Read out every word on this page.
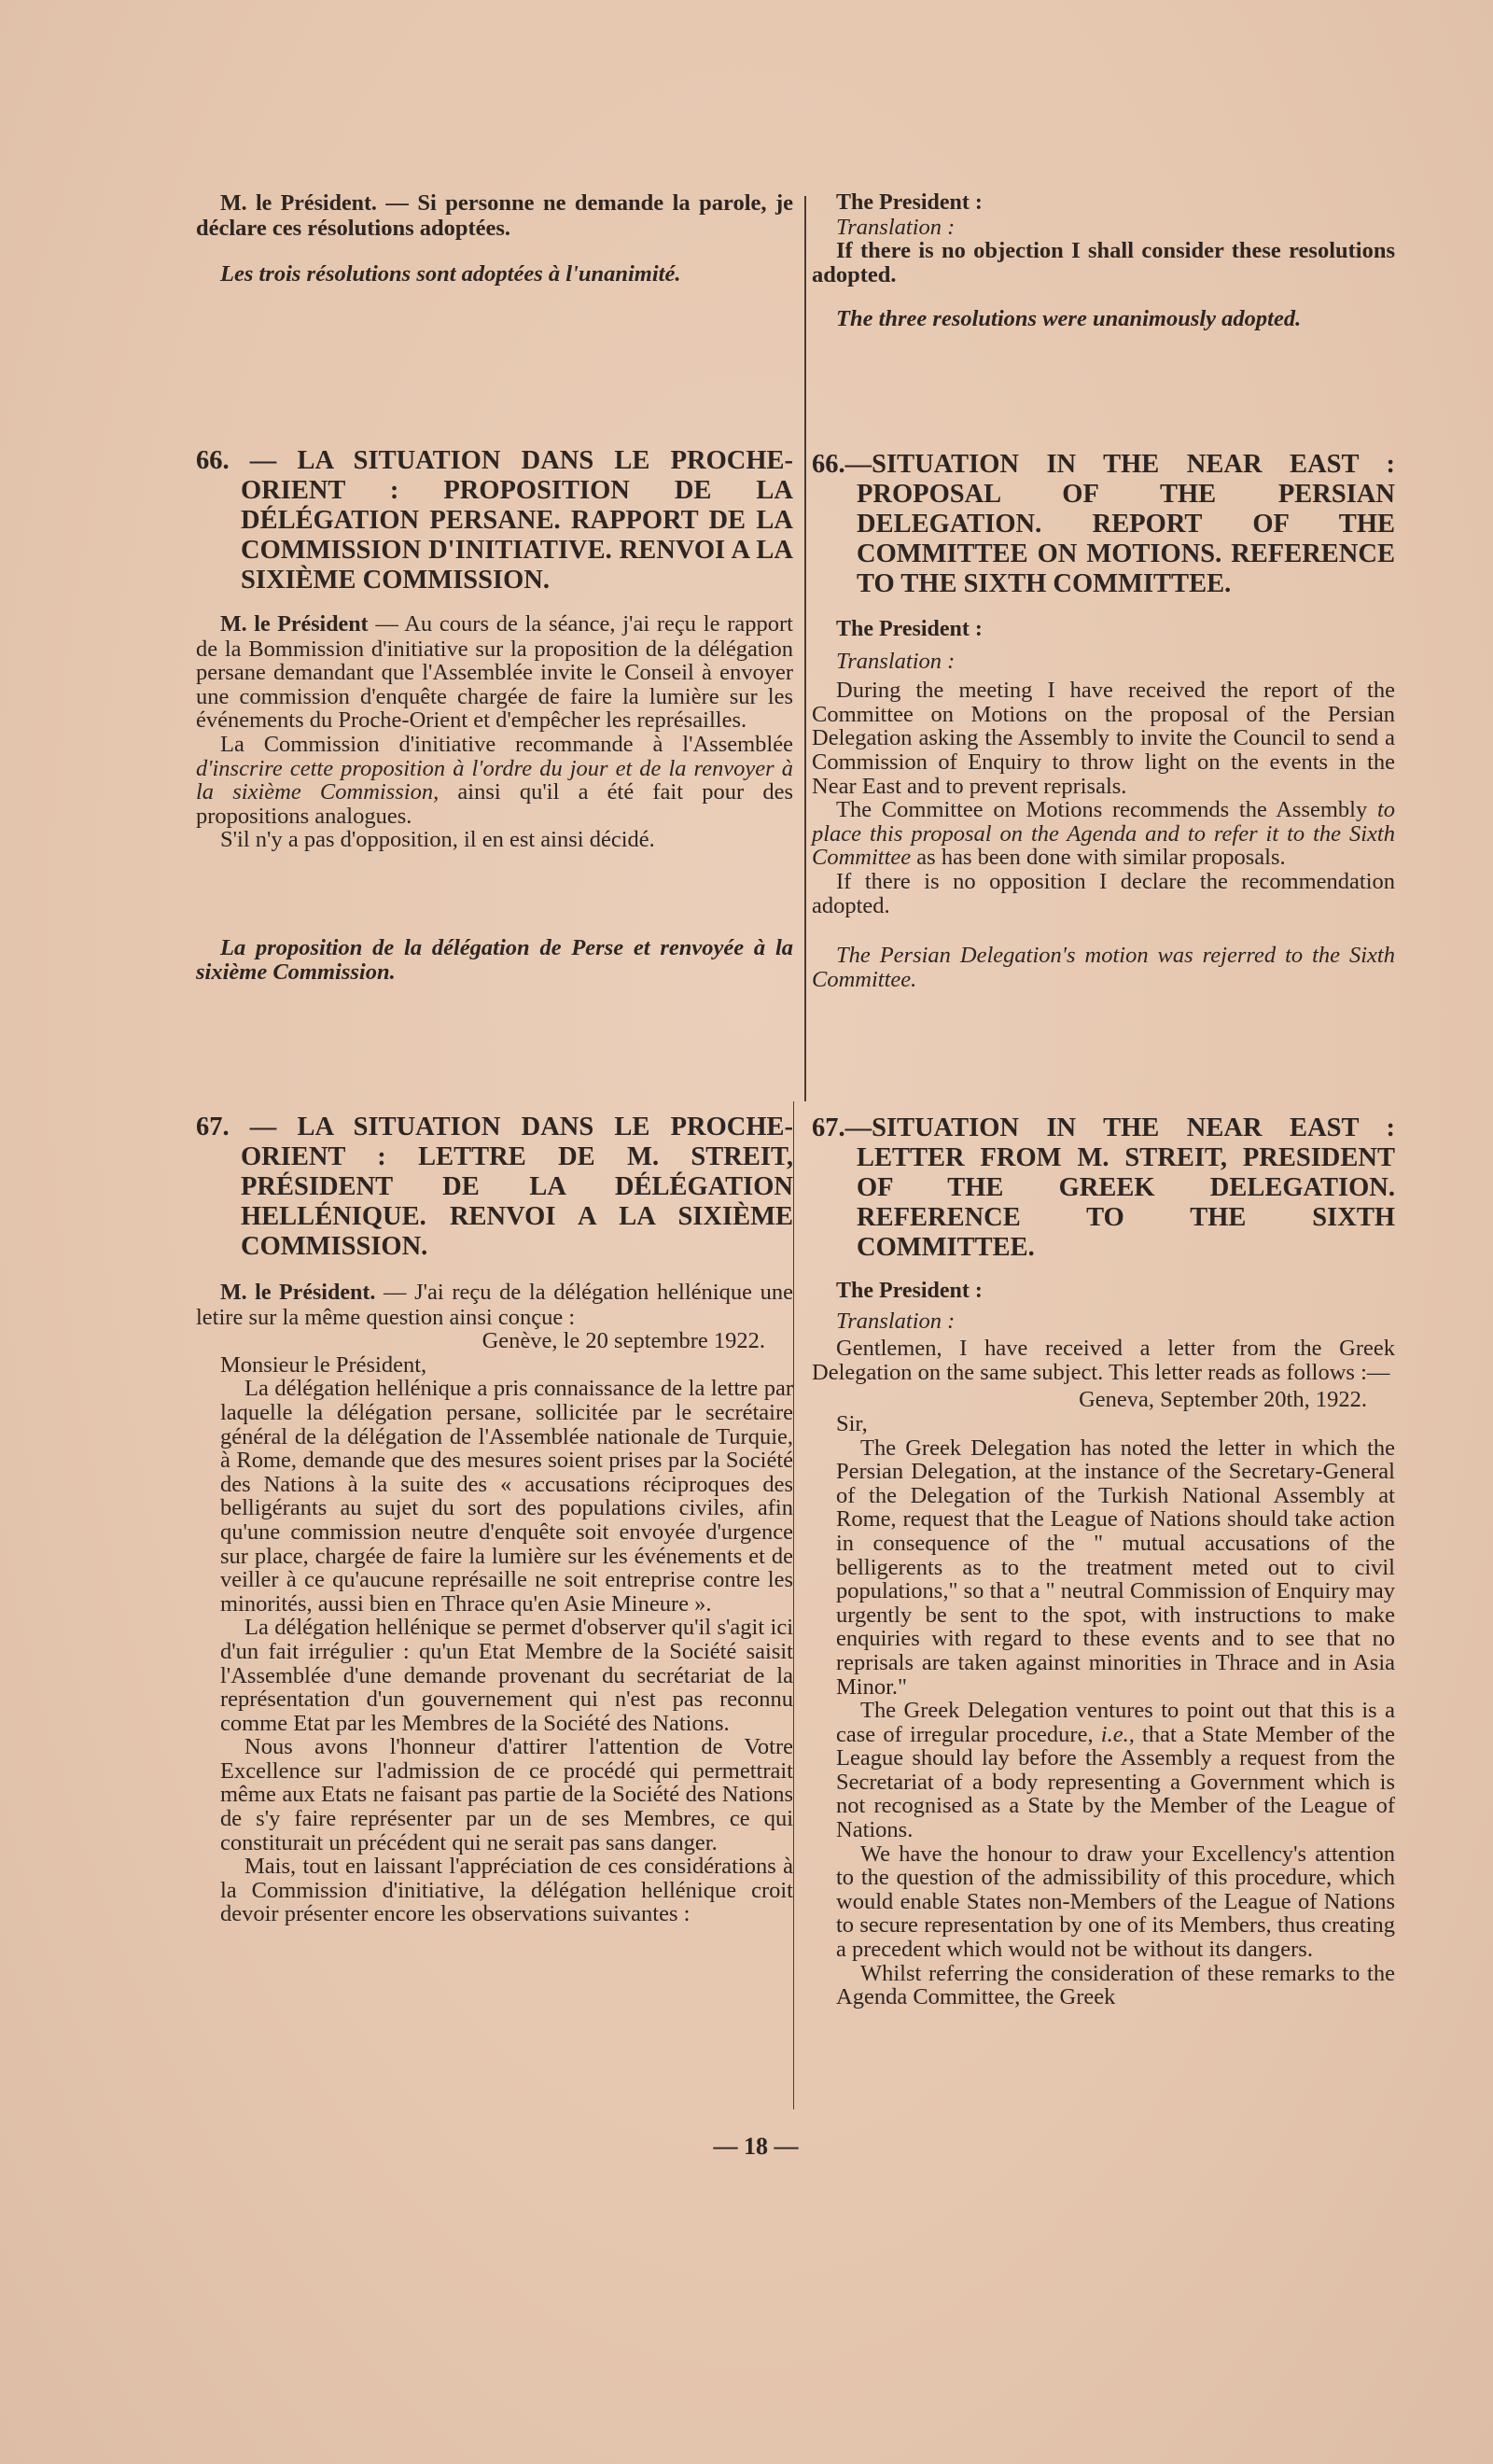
M. le Président. — Si personne ne demande la parole, je déclare ces résolutions adoptées.

Les trois résolutions sont adoptées à l'unanimité.

The President :

Translation :

If there is no objection I shall consider these resolutions adopted.

The three resolutions were unanimously adopted.

66. — LA SITUATION DANS LE PROCHE-ORIENT : PROPOSITION DE LA DÉLÉGATION PERSANE. RAPPORT DE LA COMMISSION D'INITIATIVE. RENVOI A LA SIXIÈME COMMISSION.

M. le Président — Au cours de la séance, j'ai reçu le rapport de la Bommission d'initiative sur la proposition de la délégation persane demandant que l'Assemblée invite le Conseil à envoyer une commission d'enquête chargée de faire la lumière sur les événements du Proche-Orient et d'empêcher les représailles.

La Commission d'initiative recommande à l'Assemblée d'inscrire cette proposition à l'ordre du jour et de la renvoyer à la sixième Commission, ainsi qu'il a été fait pour des propositions analogues.

S'il n'y a pas d'opposition, il en est ainsi décidé.

La proposition de la délégation de Perse et renvoyée à la sixième Commission.

66.—SITUATION IN THE NEAR EAST : PROPOSAL OF THE PERSIAN DELEGATION. REPORT OF THE COMMITTEE ON MOTIONS. REFERENCE TO THE SIXTH COMMITTEE.

The President :

Translation :

During the meeting I have received the report of the Committee on Motions on the proposal of the Persian Delegation asking the Assembly to invite the Council to send a Commission of Enquiry to throw light on the events in the Near East and to prevent reprisals.

The Committee on Motions recommends the Assembly to place this proposal on the Agenda and to refer it to the Sixth Committee as has been done with similar proposals.

If there is no opposition I declare the recommendation adopted.

The Persian Delegation's motion was rejerred to the Sixth Committee.

67. — LA SITUATION DANS LE PROCHE-ORIENT : LETTRE DE M. STREIT, PRÉSIDENT DE LA DÉLÉGATION HELLÉNIQUE. RENVOI A LA SIXIÈME COMMISSION.

M. le Président. — J'ai reçu de la délégation hellénique une letire sur la même question ainsi conçue :

Genève, le 20 septembre 1922.

Monsieur le Président,

La délégation hellénique a pris connaissance de la lettre par laquelle la délégation persane, sollicitée par le secrétaire général de la délégation de l'Assemblée nationale de Turquie, à Rome, demande que des mesures soient prises par la Société des Nations à la suite des « accusations réciproques des belligérants au sujet du sort des populations civiles, afin qu'une commission neutre d'enquête soit envoyée d'urgence sur place, chargée de faire la lumière sur les événements et de veiller à ce qu'aucune représaille ne soit entreprise contre les minorités, aussi bien en Thrace qu'en Asie Mineure ».

La délégation hellénique se permet d'observer qu'il s'agit ici d'un fait irrégulier : qu'un Etat Membre de la Société saisit l'Assemblée d'une demande provenant du secrétariat de la représentation d'un gouvernement qui n'est pas reconnu comme Etat par les Membres de la Société des Nations.

Nous avons l'honneur d'attirer l'attention de Votre Excellence sur l'admission de ce procédé qui permettrait même aux Etats ne faisant pas partie de la Société des Nations de s'y faire représenter par un de ses Membres, ce qui constiturait un précédent qui ne serait pas sans danger.

Mais, tout en laissant l'appréciation de ces considérations à la Commission d'initiative, la délégation hellénique croit devoir présenter encore les observations suivantes :

67.—SITUATION IN THE NEAR EAST : LETTER FROM M. STREIT, PRESIDENT OF THE GREEK DELEGATION. REFERENCE TO THE SIXTH COMMITTEE.

The President :

Translation :

Gentlemen, I have received a letter from the Greek Delegation on the same subject. This letter reads as follows :—

Geneva, September 20th, 1922.

Sir,

The Greek Delegation has noted the letter in which the Persian Delegation, at the instance of the Secretary-General of the Delegation of the Turkish National Assembly at Rome, request that the League of Nations should take action in consequence of the " mutual accusations of the belligerents as to the treatment meted out to civil populations," so that a " neutral Commission of Enquiry may urgently be sent to the spot, with instructions to make enquiries with regard to these events and to see that no reprisals are taken against minorities in Thrace and in Asia Minor."

The Greek Delegation ventures to point out that this is a case of irregular procedure, i.e., that a State Member of the League should lay before the Assembly a request from the Secretariat of a body representing a Government which is not recognised as a State by the Member of the League of Nations.

We have the honour to draw your Excellency's attention to the question of the admissibility of this procedure, which would enable States non-Members of the League of Nations to secure representation by one of its Members, thus creating a precedent which would not be without its dangers.

Whilst referring the consideration of these remarks to the Agenda Committee, the Greek

— 18 —
